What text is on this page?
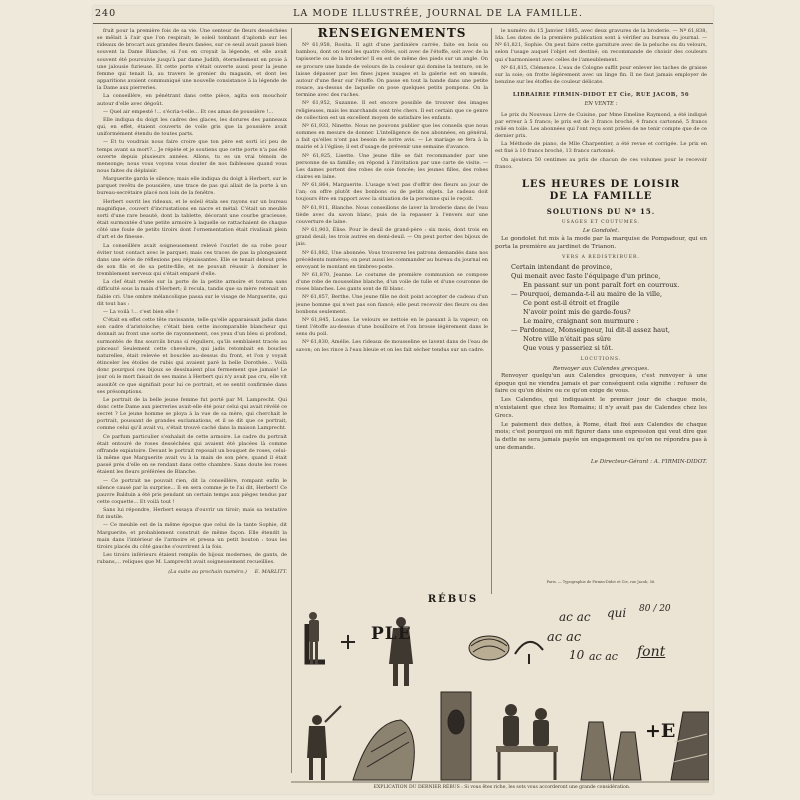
240	LA MODE ILLUSTRÉE, JOURNAL DE LA FAMILLE.

fruit pour la première fois de sa vie. Une senteur de fleurs desséchées se mêlait à l'air que l'on respirait; le soleil tombant d'aplomb sur les rideaux de brocart aux grandes fleurs fanées, sur ce seuil avait passé bien souvent la Dame Blanche, si l'on en croyait la légende, et elle avait souvent été poursuivie jusqu'à par dame Judith, éternellement en proie à une jalousie furieuse. Et cette porte s'était ouverte aussi pour la jeune femme qui tenait là, au travers le grenier du magasin, et dont les apparitions avaient communiqué une nouvelle consistance à la légende de la Dame aux pierreries.

La conseillère, en pénétrant dans cette pièce, agita son mouchoir autour d'elle avec dégoût.

— Quel air empesté !... s'écria-t-elle... Et ces amas de poussière !...

Elle indiqua du doigt les cadres des glaces, les dorures des panneaux qui, en effet, étaient couverts de voile gris que la poussière avait uniformément étendu de toutes parts.

— Et tu voudrais nous faire croire que ton père est sorti ici peu de temps avant sa mort?... Je répète et je soutiens que cette porte n'a pas été ouverte depuis plusieurs années. Allons, tu es un vrai témoin de mensonge; nous vous voyons vous douter de nos faiblesses quand vous nous faites du déplaisir.

Marguerite garda le silence; mais elle indiqua du doigt à Herbert, sur le parquet revêtu de poussière, une trace de pas qui allait de la porte à un bureau-secrétaire placé non loin de la fenêtre.

Herbert ouvrit les rideaux, et le soleil étala ses rayons sur un bureau magnifique, couvert d'incrustations en nacre et métal. C'était un meuble sorti d'une rare beauté, dont la tablette, décorant une courbe gracieuse, était surmontée d'une petite armoire à laquelle se rattachaient de chaque côté une foule de petits tiroirs dont l'ornementation était rivalisait plein d'art et de finesse.

La conseillère avait soigneusement relevé l'ourlet de sa robe pour éviter tout contact avec le parquet; mais ces traces de pas la plongeaient dans une série de réflexions peu réjouissantes. Elle se tenait debout près de son fils et de sa petite-fille, et ne pouvait réussir à dominer le tremblement nerveux qui s'était emparé d'elle.

La clef était restée sur la porte de la petite armoire et tourna sans difficulté sous la main d'Herbert; il recula, tandis que sa mère retenait un faible cri. Une ombre mélancolique passa sur le visage de Marguerite, qui dit tout bas :

— La voilà !... c'est bien elle !

C'était en effet cette tête ravissante, telle qu'elle apparaissait jadis dans son cadre d'aristoloche; c'était bien cette incomparable blancheur qui donnait au front une sorte de rayonnement, ces yeux d'un bleu si profond, surmontés de fins sourcils bruns si réguliers, qu'ils semblaient tracés au pinceau! Seulement cette chevelure, qui jadis retombait en boucles naturelles, était relevée et bouclée au-dessus du front, et l'on y voyait étinceler les étoiles de rubis qui avaient paré la belle Dorothée... Voilà donc pourquoi ces bijoux se dessinaient plus fermement que jamais! Le jour où le mort faisait de ses mains à Herbert qui n'y avait pas cru, elle vit aussitôt ce que signifiait pour lui ce portrait, et se sentit confirmée dans ses présomptions.

Le portrait de la belle jeune femme fut porté par M. Lamprecht. Qui donc cette Dame aux pierreries avait-elle été pour celui qui avait révélé ce secret ? Le jeune homme se ploya à la vue de sa mère, qui cherchait le portrait, poussant de grandes exclamations, et il se dit que ce portrait, comme celui qu'il avait vu, s'était trouvé caché dans la maison Lamprecht.

Ce parfum particulier s'exhalait de cette armoire. Le cadre du portrait était entouré de roses desséchées qui avaient été placées là comme offrande expiatoire. Devant le portrait reposait un bouquet de roses, celui-là même que Marguerite avait vu à la main de son père, quand il était passé près d'elle en se rendant dans cette chambre. Sans doute les roses étaient les fleurs préférées de Blanche.

— Ce portrait ne pouvait rien, dit la conseillère, rompant enfin le silence causé par la surprise... Il en sera comme je te l'ai dit, Herbert! Ce pauvre Balduin a été pris pendant un certain temps aux pièges tendus par cette coquette... Et voilà tout !

Sans lui répondre, Herbert essaya d'ouvrir un tiroir; mais sa tentative fut inutile.

— Ce meuble est de la même époque que celui de la tante Sophie, dit Marguerite, et probablement construit de même façon. Elle étendit la main dans l'intérieur de l'armoire et pressa un petit bouton : tous les tiroirs placés du côté gauche s'ouvrirent à la fois.

Les tiroirs inférieurs étaient remplis de bijoux modernes, de gants, de rubans,... reliques que M. Lamprecht avait soigneusement recueillies.

(La suite au prochain numéro.) E. MARLITT.
RENSEIGNEMENTS

Nº 61,958, Rosita. Il agit d'une jardinière carrée, faite en bois ou bambou, dont on tend les quatre côtés, soit avec de l'étoffe, soit avec de la tapisserie ou de la broderie! Il en est de même des pieds sur un angle. On se procure une bande de velours de la couleur qui domine la tenture, on le laisse dépasser par les fines jupes nuages et la galerie est en nœuds, autour d'une fleur sur l'étoffe. On passe en tout la bande dans une petite rosace, au-dessus de laquelle on pose quelques petits pompons. On la termine avec des ruches.

Nº 61,952, Suzanne. Il est encore possible de trouver des images religieuses, mais les marchands sont très chers. Il est certain que ce genre de collection est un excellent moyen de satisfaire les enfants.

Nº 61,933, Ninette. Nous ne pouvons publier que les conseils que nous sommes en mesure de donner. L'intelligence de nos abonnées, en général, a fait qu'elles n'ont pas besoin de notre avis. — Le mariage se fera à la mairie et à l'église; il est d'usage de prévenir une semaine d'avance.

Nº 61,925, Lisette. Une jeune fille se fait recommander par une personne de sa famille; on répond à l'invitation par une carte de visite. — Les dames portent des robes de soie foncée; les jeunes filles, des robes claires en laine.

Nº 61,864, Marguerite. L'usage n'est pas d'offrir des fleurs au jour de l'an; on offre plutôt des bonbons ou de petits objets. Le cadeau doit toujours être en rapport avec la situation de la personne qui le reçoit.

Nº 61,911, Blanche. Nous conseillons de laver la broderie dans de l'eau tiède avec du savon blanc, puis de la repasser à l'envers sur une couverture de laine.

Nº 61,903, Élise. Pour le deuil de grand-père : six mois, dont trois en grand deuil; les trois autres en demi-deuil. — On peut porter des bijoux de jais.

Nº 61,882, Une abonnée. Vous trouverez les patrons demandés dans nos précédents numéros; on peut aussi les commander au bureau du journal en envoyant le montant en timbres-poste.

Nº 61,870, Jeanne. Le costume de première communion se compose d'une robe de mousseline blanche, d'un voile de tulle et d'une couronne de roses blanches. Les gants sont de fil blanc.

Nº 61,857, Berthe. Une jeune fille ne doit point accepter de cadeau d'un jeune homme qui n'est pas son fiancé; elle peut recevoir des fleurs ou des bonbons seulement.

Nº 61,845, Louise. Le velours se nettoie en le passant à la vapeur; on tient l'étoffe au-dessus d'une bouilloire et l'on brosse légèrement dans le sens du poil.

Nº 61,830, Amélie. Les rideaux de mousseline se lavent dans de l'eau de savon; on les rince à l'eau bleuie et on les fait sécher tendus sur un cadre.

le numéro du 15 Janvier 1885, avec deux gravures de la broderie. — Nº 61,838, Ida. Les dates de la première publication sont à vérifier au bureau du journal. — Nº 61,821, Sophie. On peut faire cette garniture avec de la peluche ou du velours, selon l'usage auquel l'objet est destiné; on recommande de choisir des couleurs qui s'harmonisent avec celles de l'ameublement.

Nº 61,815, Clémence. L'eau de Cologne suffit pour enlever les taches de graisse sur la soie; on frotte légèrement avec un linge fin. Il ne faut jamais employer de benzine sur les étoffes de couleur délicate.

LIBRAIRIE FIRMIN-DIDOT ET Cie, RUE JACOB, 56
EN VENTE :

Le prix du Nouveau Livre de Cuisine, par Mme Emeline Raymond, a été indiqué par erreur à 5 francs; le prix est de 3 francs broché, 4 francs cartonné, 5 francs relié en toile. Les abonnées qui l'ont reçu sont priées de ne tenir compte que de ce dernier prix.

La Méthode de piano, de Mlle Charpentier, a été revue et corrigée. Le prix en est fixé à 10 francs broché, 13 francs cartonné.

On ajoutera 50 centimes au prix de chacun de ces volumes pour le recevoir franco.

LES HEURES DE LOISIR
DE LA FAMILLE
SOLUTIONS DU Nº 15.
USAGES ET COUTUMES.
Le Gondolet.

Le gondolet fut mis à la mode par la marquise de Pompadour, qui en porta la première au jardinet de Trianon.

VERS A REDISTRIBUER.
Certain intendant de province,
Qui menait avec faste l'équipage d'un prince,
En passant sur un pont paraît fort en courroux.
— Pourquoi, demanda-t-il au maire de la ville,
Ce pont est-il étroit et fragile
N'avoir point mis de garde-fous?
Le maire, craignant son murmure :
— Pardonnez, Monseigneur, lui dit-il assez haut,
Notre ville n'était pas sûre
Que vous y passeriez si tôt.
LOCUTIONS.
Renvoyer aux Calendes grecques.

Renvoyer quelqu'un aux Calendes grecques, c'est renvoyer à une époque qui ne viendra jamais et par conséquent cela signifie : refuser de faire ce qu'on désire ou ce qu'on exige de vous.

Les Calendes, qui indiquaient le premier jour de chaque mois, n'existaient que chez les Romains; il n'y avait pas de Calendes chez les Grecs.

Le paiement des dettes, à Rome, était fixé aux Calendes de chaque mois; c'est pourquoi on mit figurer dans une expression qui veut dire que la dette ne sera jamais payée un engagement ou qu'on ne répondra pas à une demande.

Le Directeur-Gérant : A. FIRMIN-DIDOT.
Paris. — Typographie de Firmin-Didot et Cie, rue Jacob, 56.
RÉBUS
PLE
ac ac qui 80 / 20
ac ac
10 ac ac font
+E
EXPLICATION DU DERNIER RÉBUS : Si vous êtes riche, les sots vous accorderont une grande considération.
